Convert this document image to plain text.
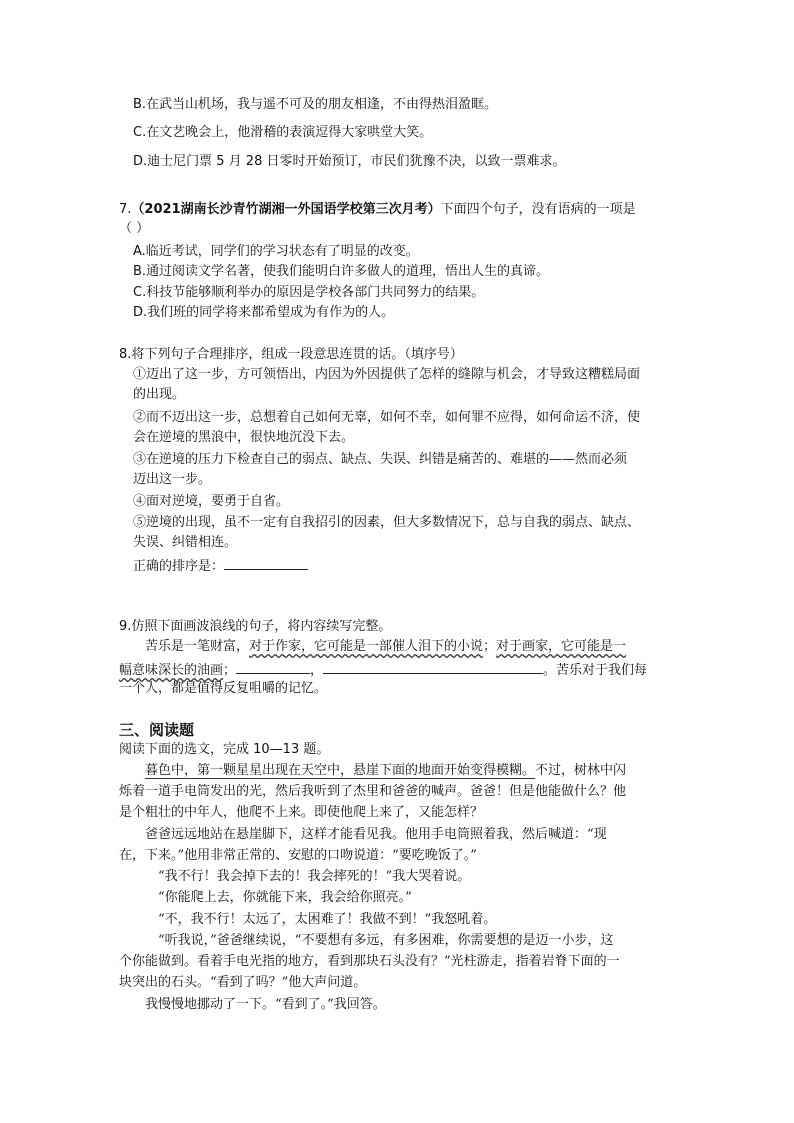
B.在武当山机场，我与遥不可及的朋友相逢，不由得热泪盈眶。
C.在文艺晚会上，他滑稽的表演逗得大家哄堂大笑。
D.迪士尼门票 5 月 28 日零时开始预订，市民们犹豫不决，以致一票难求。
7.（2021湖南长沙青竹湖湘一外国语学校第三次月考）下面四个句子，没有语病的一项是
（ ）
A.临近考试，同学们的学习状态有了明显的改变。
B.通过阅读文学名著，使我们能明白许多做人的道理，悟出人生的真谛。
C.科技节能够顺利举办的原因是学校各部门共同努力的结果。
D.我们班的同学将来都希望成为有作为的人。
8.将下列句子合理排序，组成一段意思连贯的话。（填序号）
①迈出了这一步，方可领悟出，内因为外因提供了怎样的缝隙与机会，才导致这糟糕局面
的出现。
②而不迈出这一步，总想着自己如何无辜，如何不幸，如何罪不应得，如何命运不济，使
会在逆境的黑浪中，很快地沉没下去。
③在逆境的压力下检查自己的弱点、缺点、失误、纠错是痛苦的、难堪的——然而必须
迈出这一步。
④面对逆境，要勇于自省。
⑤逆境的出现，虽不一定有自我招引的因素，但大多数情况下，总与自我的弱点、缺点、
失误、纠错相连。
正确的排序是：
9.仿照下面画波浪线的句子，将内容续写完整。
苦乐是一笔财富，对于作家，它可能是一部催人泪下的小说；对于画家，它可能是一
幅意味深长的油画；	，	。苦乐对于我们每
一个人，都是值得反复咀嚼的记忆。
三、阅读题
阅读下面的选文，完成 10—13 题。
暮色中，第一颗星星出现在天空中，悬崖下面的地面开始变得模糊。不过，树林中闪
烁着一道手电筒发出的光，然后我听到了杰里和爸爸的喊声。爸爸！但是他能做什么？他
是个粗壮的中年人，他爬不上来。即使他爬上来了，又能怎样？
爸爸远远地站在悬崖脚下，这样才能看见我。他用手电筒照着我，然后喊道：“现
在，下来。”他用非常正常的、安慰的口吻说道：“要吃晚饭了。”
“我不行！我会掉下去的！我会摔死的！”我大哭着说。
“你能爬上去，你就能下来，我会给你照亮。”
“不，我不行！太远了，太困难了！我做不到！”我怒吼着。
“听我说，”爸爸继续说，“不要想有多远，有多困难，你需要想的是迈一小步，这
个你能做到。看着手电光指的地方，看到那块石头没有？”光柱游走，指着岩脊下面的一
块突出的石头。“看到了吗？”他大声问道。
我慢慢地挪动了一下。“看到了。”我回答。
